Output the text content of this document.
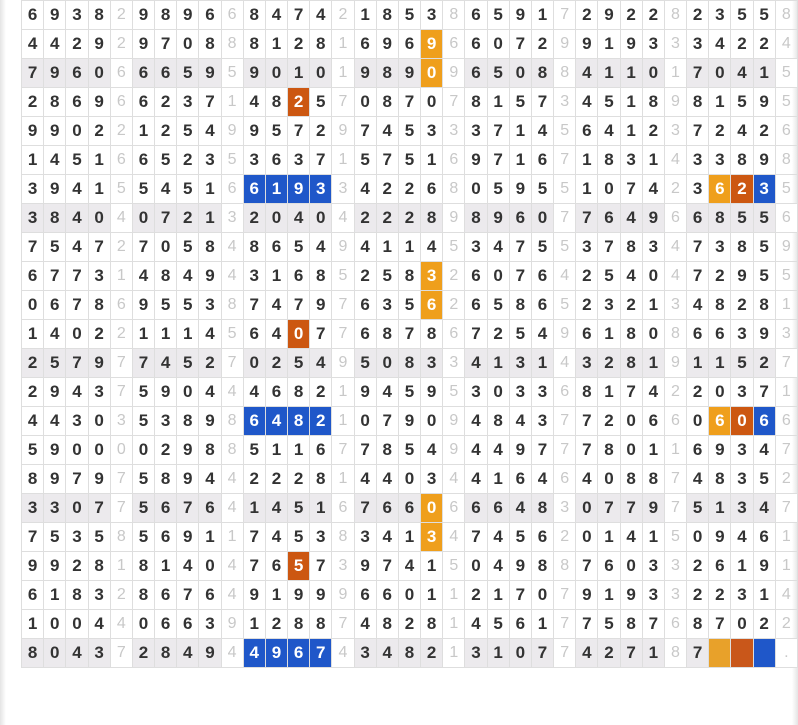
6	9	3	8	2	9	8	9	6	6	8	4	7	4	2	1	8	5	3	8	6	5	9	1	7	2	9	2	2	8	2	3	5	5	8
4	4	2	9	2	9	7	0	8	8	8	1	2	8	1	6	9	6	9	6	6	0	7	2	9	9	1	9	3	3	3	4	2	2	4
7	9	6	0	6	6	6	5	9	5	9	0	1	0	1	9	8	9	0	9	6	5	0	8	8	4	1	1	0	1	7	0	4	1	5
2	8	6	9	6	6	2	3	7	1	4	8	2	5	7	0	8	7	0	7	8	1	5	7	3	4	5	1	8	9	8	1	5	9	5
9	9	0	2	2	1	2	5	4	9	9	5	7	2	9	7	4	5	3	3	3	7	1	4	5	6	4	1	2	3	7	2	4	2	6
1	4	5	1	6	6	5	2	3	5	3	6	3	7	1	5	7	5	1	6	9	7	1	6	7	1	8	3	1	4	3	3	8	9	8
3	9	4	1	5	5	4	5	1	6	6	1	9	3	3	4	2	2	6	8	0	5	9	5	5	1	0	7	4	2	3	6	2	3	5
3	8	4	0	4	0	7	2	1	3	2	0	4	0	4	2	2	2	8	9	8	9	6	0	7	7	6	4	9	6	6	8	5	5	6
7	5	4	7	2	7	0	5	8	4	8	6	5	4	9	4	1	1	4	5	3	4	7	5	5	3	7	8	3	4	7	3	8	5	9
6	7	7	3	1	4	8	4	9	4	3	1	6	8	5	2	5	8	3	2	6	0	7	6	4	2	5	4	0	4	7	2	9	5	5
0	6	7	8	6	9	5	5	3	8	7	4	7	9	7	6	3	5	6	2	6	5	8	6	5	2	3	2	1	3	4	8	2	8	1
1	4	0	2	2	1	1	1	4	5	6	4	0	7	7	6	8	7	8	6	7	2	5	4	9	6	1	8	0	8	6	6	3	9	3
2	5	7	9	7	7	4	5	2	7	0	2	5	4	9	5	0	8	3	3	4	1	3	1	4	3	2	8	1	9	1	1	5	2	7
2	9	4	3	7	5	9	0	4	4	4	6	8	2	1	9	4	5	9	5	3	0	3	3	6	8	1	7	4	2	2	0	3	7	1
4	4	3	0	3	5	3	8	9	8	6	4	8	2	1	0	7	9	0	9	4	8	4	3	7	7	2	0	6	6	0	6	0	6	6
5	9	0	0	0	0	2	9	8	8	5	1	1	6	7	7	8	5	4	9	4	4	9	7	7	7	8	0	1	1	6	9	3	4	7
8	9	7	9	7	5	8	9	4	4	2	2	2	8	1	4	4	0	3	4	4	1	6	4	6	4	0	8	8	7	4	8	3	5	2
3	3	0	7	7	5	6	7	6	4	1	4	5	1	6	7	6	6	0	6	6	6	4	8	3	0	7	7	9	7	5	1	3	4	7
7	5	3	5	8	5	6	9	1	1	7	4	5	3	8	3	4	1	3	4	7	4	5	6	2	0	1	4	1	5	0	9	4	6	1
9	9	2	8	1	8	1	4	0	4	7	6	5	7	3	9	7	4	1	5	0	4	9	8	8	7	6	0	3	3	2	6	1	9	1
6	1	8	3	2	8	6	7	6	4	9	1	9	9	9	6	6	0	1	1	2	1	7	0	7	9	1	9	3	3	2	2	3	1	4
1	0	0	4	4	0	6	6	3	9	1	2	8	8	7	4	8	2	8	1	4	5	6	1	7	7	5	8	7	6	8	7	0	2	2
8	0	4	3	7	2	8	4	9	4	4	9	6	7	4	3	4	8	2	1	3	1	0	7	7	4	2	7	1	8	7				.
